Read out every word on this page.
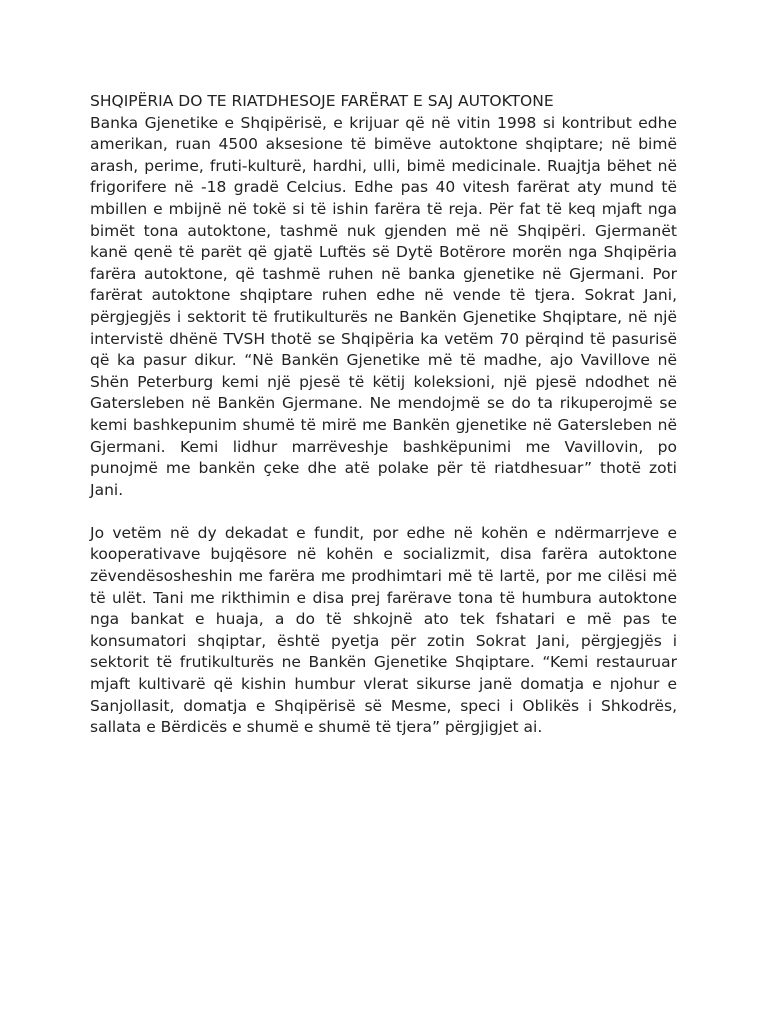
SHQIPËRIA DO TE RIATDHESOJE FARËRAT E SAJ AUTOKTONE

Banka Gjenetike e Shqipërisë, e krijuar që në vitin 1998 si kontribut edhe amerikan, ruan 4500 aksesione të bimëve autoktone shqiptare; në bimë arash, perime, fruti-kulturë, hardhi, ulli, bimë medicinale. Ruajtja bëhet në frigorifere në -18 gradë Celcius. Edhe pas 40 vitesh farërat aty mund të mbillen e mbijnë në tokë si të ishin farëra të reja. Për fat të keq mjaft nga bimët tona autoktone, tashmë nuk gjenden më në Shqipëri. Gjermanët kanë qenë të parët që gjatë Luftës së Dytë Botërore morën nga Shqipëria farëra autoktone, që tashmë ruhen në banka gjenetike në Gjermani. Por farërat autoktone shqiptare ruhen edhe në vende të tjera. Sokrat Jani, përgjegjës i sektorit të frutikulturës ne Bankën Gjenetike Shqiptare, në një intervistë dhënë TVSH thotë se Shqipëria ka vetëm 70 përqind të pasurisë që ka pasur dikur. “Në Bankën Gjenetike më të madhe, ajo Vavillove në Shën Peterburg kemi një pjesë të këtij koleksioni, një pjesë ndodhet në Gatersleben në Bankën Gjermane. Ne mendojmë se do ta rikuperojmë se kemi bashkepunim shumë të mirë me Bankën gjenetike në Gatersleben në Gjermani. Kemi lidhur marrëveshje bashkëpunimi me Vavillovin, po punojmë me bankën çeke dhe atë polake për të riatdhesuar” thotë zoti Jani.

Jo vetëm në dy dekadat e fundit, por edhe në kohën e ndërmarrjeve e kooperativave bujqësore në kohën e socializmit, disa farëra autoktone zëvendësosheshin me farëra me prodhimtari më të lartë, por me cilësi më të ulët. Tani me rikthimin e disa prej farërave tona të humbura autoktone nga bankat e huaja, a do të shkojnë ato tek fshatari e më pas te konsumatori shqiptar, është pyetja për zotin Sokrat Jani, përgjegjës i sektorit të frutikulturës ne Bankën Gjenetike Shqiptare. “Kemi restauruar mjaft kultivarë që kishin humbur vlerat sikurse janë domatja e njohur e Sanjollasit, domatja e Shqipërisë së Mesme, speci i Oblikës i Shkodrës, sallata e Bërdicës e shumë e shumë të tjera” përgjigjet ai.
